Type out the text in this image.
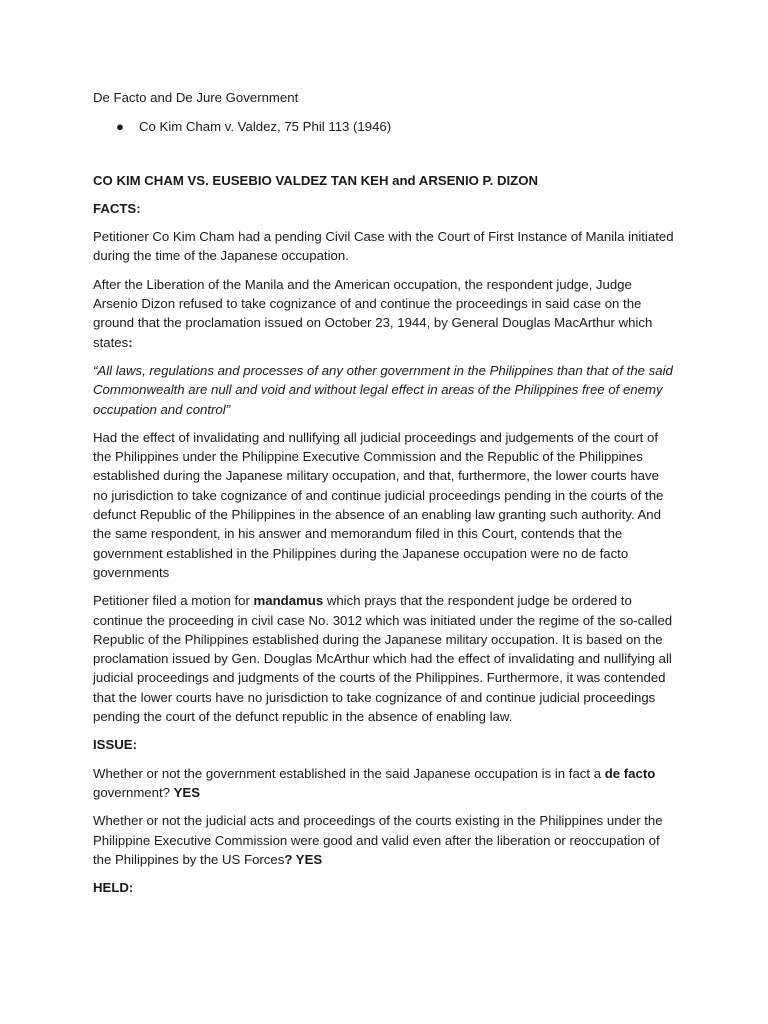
De Facto and De Jure Government
● Co Kim Cham v. Valdez, 75 Phil 113 (1946)
CO KIM CHAM VS. EUSEBIO VALDEZ TAN KEH and ARSENIO P. DIZON
FACTS:

Petitioner Co Kim Cham had a pending Civil Case with the Court of First Instance of Manila initiated during the time of the Japanese occupation.

After the Liberation of the Manila and the American occupation, the respondent judge, Judge Arsenio Dizon refused to take cognizance of and continue the proceedings in said case on the ground that the proclamation issued on October 23, 1944, by General Douglas MacArthur which states:

“All laws, regulations and processes of any other government in the Philippines than that of the said Commonwealth are null and void and without legal effect in areas of the Philippines free of enemy occupation and control”

Had the effect of invalidating and nullifying all judicial proceedings and judgements of the court of the Philippines under the Philippine Executive Commission and the Republic of the Philippines established during the Japanese military occupation, and that, furthermore, the lower courts have no jurisdiction to take cognizance of and continue judicial proceedings pending in the courts of the defunct Republic of the Philippines in the absence of an enabling law granting such authority. And the same respondent, in his answer and memorandum filed in this Court, contends that the government established in the Philippines during the Japanese occupation were no de facto governments

Petitioner filed a motion for mandamus which prays that the respondent judge be ordered to continue the proceeding in civil case No. 3012 which was initiated under the regime of the so-called Republic of the Philippines established during the Japanese military occupation. It is based on the proclamation issued by Gen. Douglas McArthur which had the effect of invalidating and nullifying all judicial proceedings and judgments of the courts of the Philippines. Furthermore, it was contended that the lower courts have no jurisdiction to take cognizance of and continue judicial proceedings pending the court of the defunct republic in the absence of enabling law.

ISSUE:

Whether or not the government established in the said Japanese occupation is in fact a de facto government? YES

Whether or not the judicial acts and proceedings of the courts existing in the Philippines under the Philippine Executive Commission were good and valid even after the liberation or reoccupation of the Philippines by the US Forces? YES

HELD:
